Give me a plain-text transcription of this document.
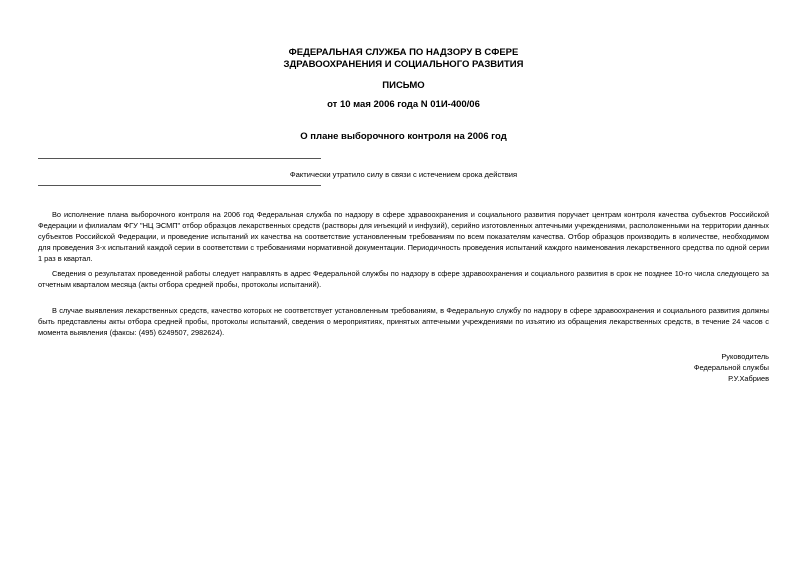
ФЕДЕРАЛЬНАЯ СЛУЖБА ПО НАДЗОРУ В СФЕРЕ
ЗДРАВООХРАНЕНИЯ И СОЦИАЛЬНОГО РАЗВИТИЯ
ПИСЬМО
от 10 мая 2006 года N 01И-400/06
О плане выборочного контроля на 2006 год
Фактически утратило силу в связи с истечением срока действия

Во исполнение плана выборочного контроля на 2006 год Федеральная служба по надзору в сфере здравоохранения и социального развития поручает центрам контроля качества субъектов Российской Федерации и филиалам ФГУ "НЦ ЭСМП" отбор образцов лекарственных средств (растворы для инъекций и инфузий), серийно изготовленных аптечными учреждениями, расположенными на территории данных субъектов Российской Федерации, и проведение испытаний их качества на соответствие установленным требованиям по всем показателям качества. Отбор образцов производить в количестве, необходимом для проведения 3-х испытаний каждой серии в соответствии с требованиями нормативной документации. Периодичность проведения испытаний каждого наименования лекарственного средства по одной серии 1 раз в квартал.

Сведения о результатах проведенной работы следует направлять в адрес Федеральной службы по надзору в сфере здравоохранения и социального развития в срок не позднее 10-го числа следующего за отчетным кварталом месяца (акты отбора средней пробы, протоколы испытаний).

В случае выявления лекарственных средств, качество которых не соответствует установленным требованиям, в Федеральную службу по надзору в сфере здравоохранения и социального развития должны быть представлены акты отбора средней пробы, протоколы испытаний, сведения о мероприятиях, принятых аптечными учреждениями по изъятию из обращения лекарственных средств, в течение 24 часов с момента выявления (факсы: (495) 6249507, 2982624).

Руководитель
Федеральной службы
Р.У.Хабриев
